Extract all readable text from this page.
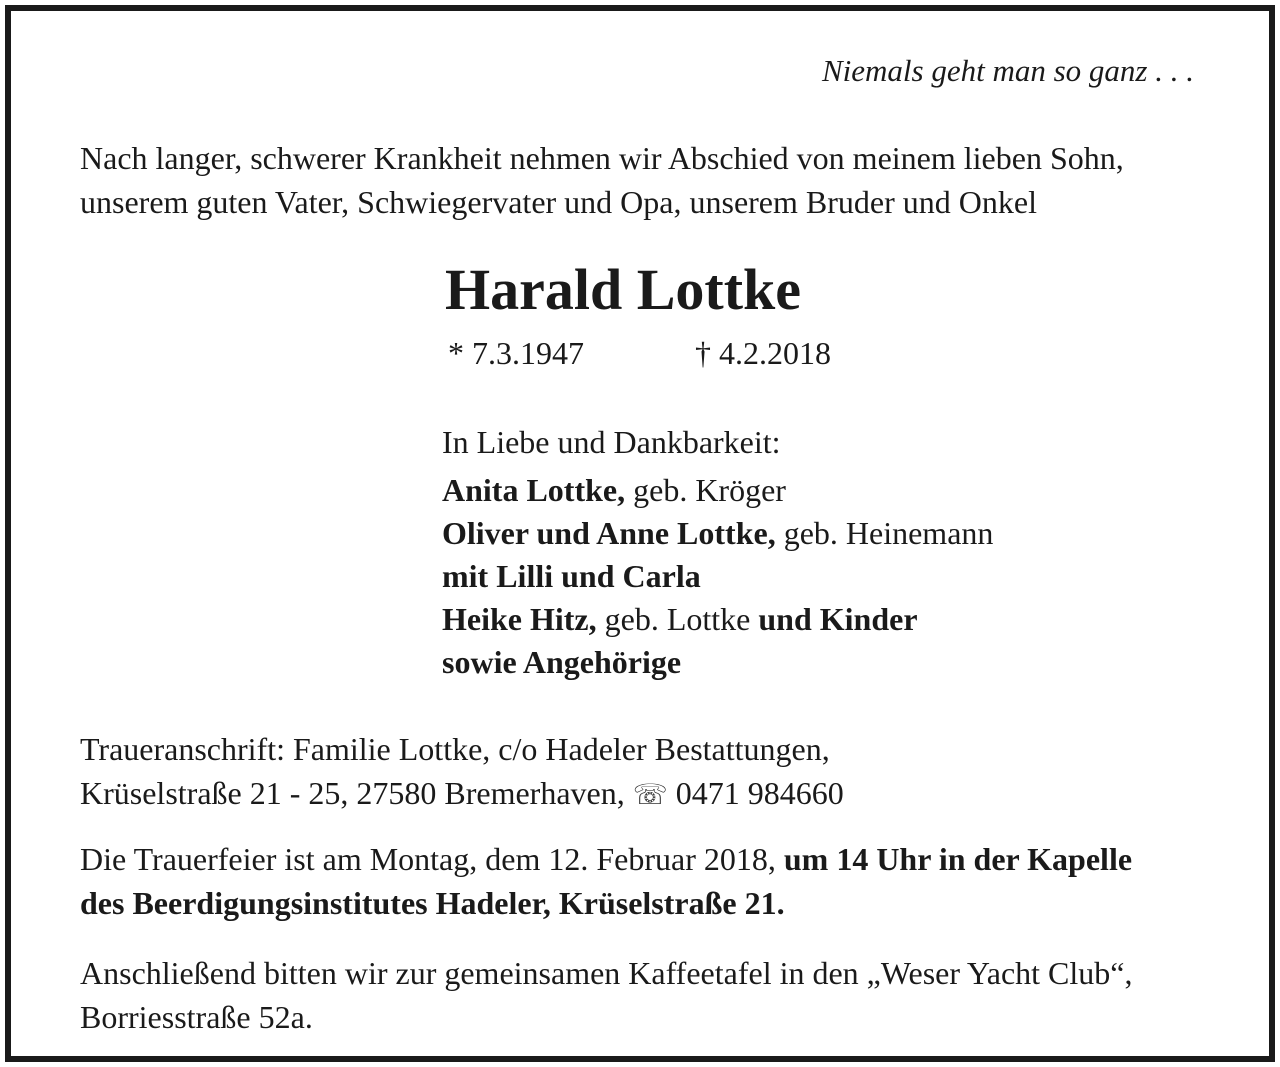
Niemals geht man so ganz . . .
Nach langer, schwerer Krankheit nehmen wir Abschied von meinem lieben Sohn,
unserem guten Vater, Schwiegervater und Opa, unserem Bruder und Onkel
Harald Lottke
* 7.3.1947	† 4.2.2018
In Liebe und Dankbarkeit:
Anita Lottke, geb. Kröger
Oliver und Anne Lottke, geb. Heinemann
mit Lilli und Carla
Heike Hitz, geb. Lottke und Kinder
sowie Angehörige
Traueranschrift: Familie Lottke, c/o Hadeler Bestattungen,
Krüselstraße 21 - 25, 27580 Bremerhaven, ☏ 0471 984660
Die Trauerfeier ist am Montag, dem 12. Februar 2018, um 14 Uhr in der Kapelle
des Beerdigungsinstitutes Hadeler, Krüselstraße 21.
Anschließend bitten wir zur gemeinsamen Kaffeetafel in den „Weser Yacht Club“,
Borriesstraße 52a.
